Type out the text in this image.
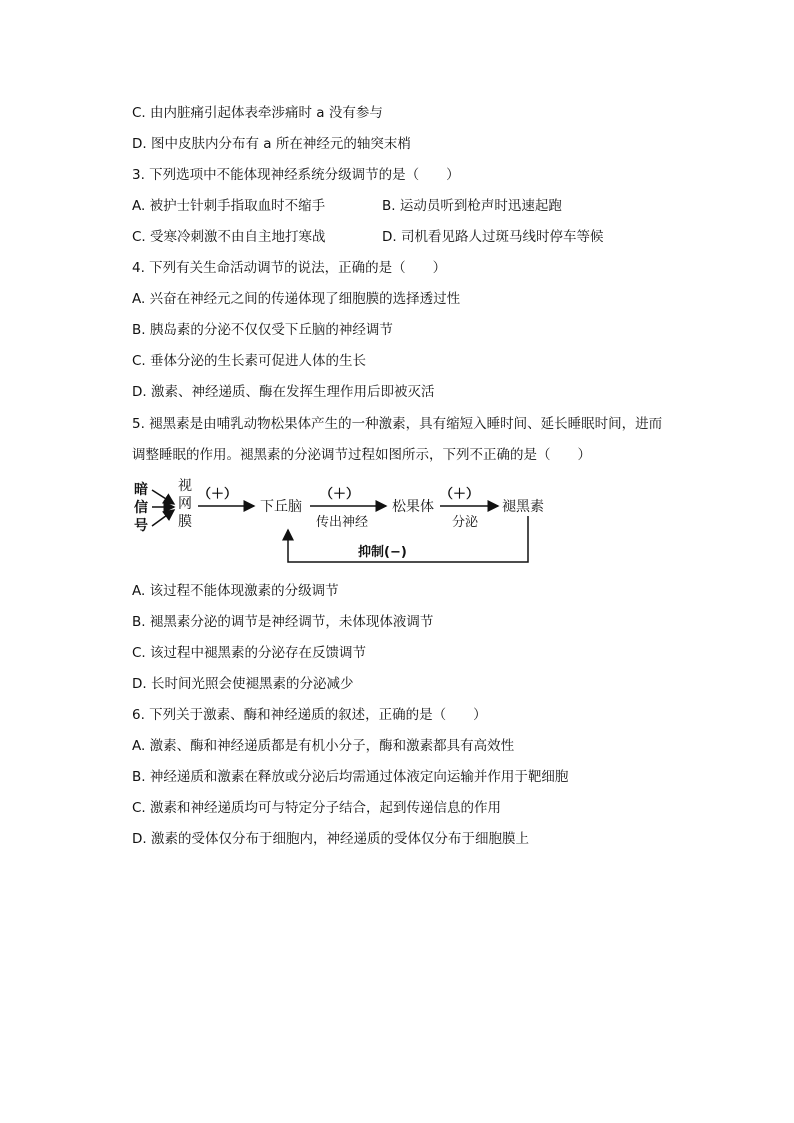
C. 由内脏痛引起体表牵涉痛时 a 没有参与
D. 图中皮肤内分布有 a 所在神经元的轴突末梢
3. 下列选项中不能体现神经系统分级调节的是（　　）
A. 被护士针刺手指取血时不缩手	B. 运动员听到枪声时迅速起跑
C. 受寒冷刺激不由自主地打寒战	D. 司机看见路人过斑马线时停车等候
4. 下列有关生命活动调节的说法，正确的是（　　）
A. 兴奋在神经元之间的传递体现了细胞膜的选择透过性
B. 胰岛素的分泌不仅仅受下丘脑的神经调节
C. 垂体分泌的生长素可促进人体的生长
D. 激素、神经递质、酶在发挥生理作用后即被灭活
5. 褪黑素是由哺乳动物松果体产生的一种激素，具有缩短入睡时间、延长睡眠时间，进而
调整睡眠的作用。褪黑素的分泌调节过程如图所示，下列不正确的是（　　）
暗
信
号
视
网
膜
（＋）
下丘脑
（＋）
传出神经
松果体
（＋）
分泌
褪黑素
抑制(−)
A. 该过程不能体现激素的分级调节
B. 褪黑素分泌的调节是神经调节，未体现体液调节
C. 该过程中褪黑素的分泌存在反馈调节
D. 长时间光照会使褪黑素的分泌减少
6. 下列关于激素、酶和神经递质的叙述，正确的是（　　）
A. 激素、酶和神经递质都是有机小分子，酶和激素都具有高效性
B. 神经递质和激素在释放或分泌后均需通过体液定向运输并作用于靶细胞
C. 激素和神经递质均可与特定分子结合，起到传递信息的作用
D. 激素的受体仅分布于细胞内，神经递质的受体仅分布于细胞膜上
